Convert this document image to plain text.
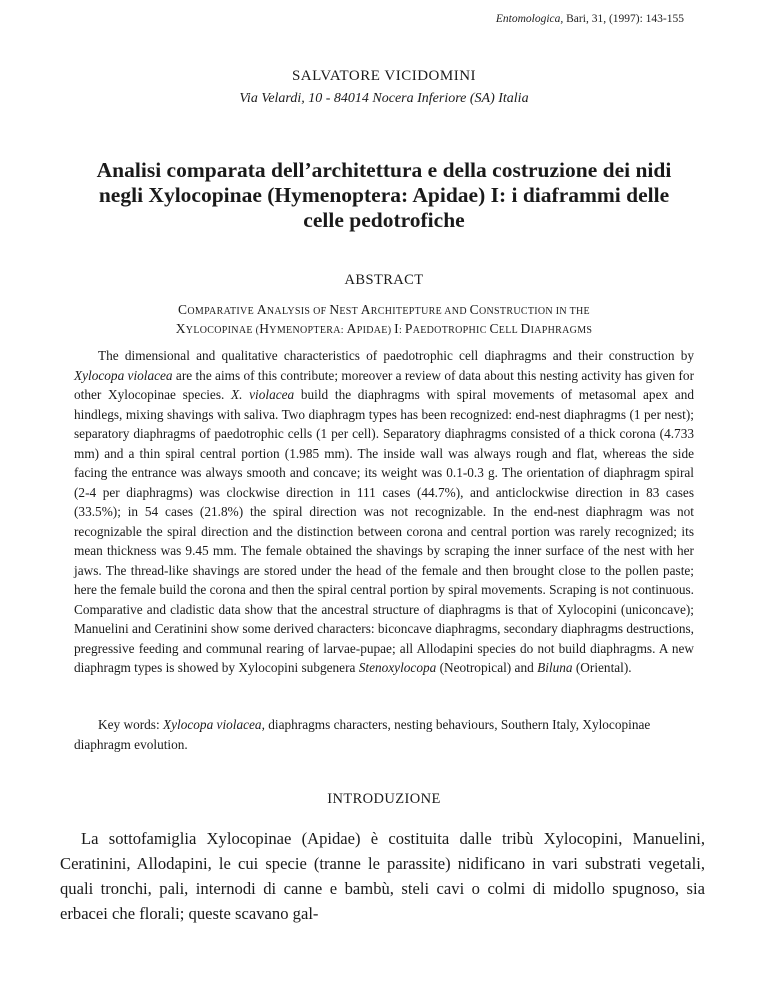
Entomologica, Bari, 31, (1997): 143-155
SALVATORE VICIDOMINI
Via Velardi, 10 - 84014 Nocera Inferiore (SA) Italia
Analisi comparata dell’architettura e della costruzione dei nidi negli Xylocopinae (Hymenoptera: Apidae) I: i diaframmi delle celle pedotrofiche
ABSTRACT
COMPARATIVE ANALYSIS OF NEST ARCHITEPTURE AND CONSTRUCTION IN THE
XYLOCOPINAE (HYMENOPTERA: APIDAE) I: PAEDOTROPHIC CELL DIAPHRAGMS

The dimensional and qualitative characteristics of paedotrophic cell diaphragms and their construction by Xylocopa violacea are the aims of this contribute; moreover a review of data about this nesting activity has given for other Xylocopinae species. X. violacea build the diaphragms with spiral movements of metasomal apex and hindlegs, mixing shavings with saliva. Two diaphragm types has been recognized: end-nest diaphragms (1 per nest); separatory diaphragms of paedotrophic cells (1 per cell). Separatory diaphragms consisted of a thick corona (4.733 mm) and a thin spiral central portion (1.985 mm). The inside wall was always rough and flat, whereas the side facing the entrance was always smooth and concave; its weight was 0.1-0.3 g. The orientation of diaphragm spiral (2-4 per diaphragms) was clockwise direction in 111 cases (44.7%), and anticlockwise direction in 83 cases (33.5%); in 54 cases (21.8%) the spiral direction was not recognizable. In the end-nest diaphragm was not recognizable the spiral direction and the distinction between corona and central portion was rarely recognized; its mean thickness was 9.45 mm. The female obtained the shavings by scraping the inner surface of the nest with her jaws. The thread-like shavings are stored under the head of the female and then brought close to the pollen paste; here the female build the corona and then the spiral central portion by spiral movements. Scraping is not continuous. Comparative and cladistic data show that the ancestral structure of diaphragms is that of Xylocopini (uniconcave); Manuelini and Ceratinini show some derived characters: biconcave diaphragms, secondary diaphragms destructions, pregressive feeding and communal rearing of larvae-pupae; all Allodapini species do not build diaphragms. A new diaphragm types is showed by Xylocopini subgenera Stenoxylocopa (Neotropical) and Biluna (Oriental).

Key words: Xylocopa violacea, diaphragms characters, nesting behaviours, Southern Italy, Xylocopinae diaphragm evolution.

INTRODUZIONE

La sottofamiglia Xylocopinae (Apidae) è costituita dalle tribù Xylocopini, Manuelini, Ceratinini, Allodapini, le cui specie (tranne le parassite) nidificano in vari substrati vegetali, quali tronchi, pali, internodi di canne e bambù, steli cavi o colmi di midollo spugnoso, sia erbacei che florali; queste scavano gal-
